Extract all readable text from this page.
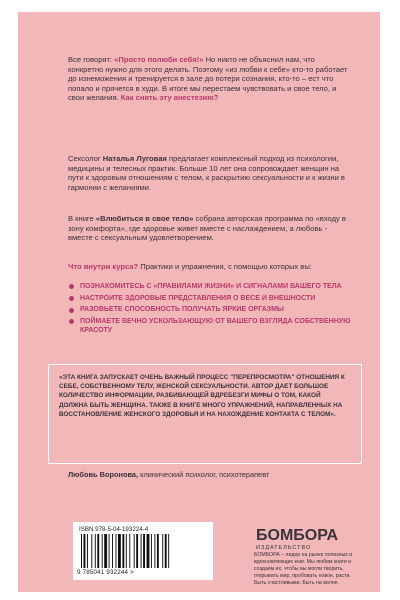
Все говорят: «Просто полюби себя!» Но никто не объяснил нам, что конкретно нужно для этого делать. Поэтому «из любви к себе» кто-то работает до изнеможения и тренируется в зале до потери сознания, кто-то – ест что попало и прячется в худи. В итоге мы перестаем чувствовать и свое тело, и свои желания. Как снять эту анестезию?
Сексолог Наталья Луговая предлагает комплексный подход из психологии, медицины и телесных практик. Больше 10 лет она сопровождает женщин на пути к здоровым отношениям с телом, к раскрытию сексуальности и к жизни в гармонии с желаниями.
В книге «Влюбиться в свое тело» собрана авторская программа по «входу в зону комфорта», где здоровье живет вместе с наслаждением, а любовь - вместе с сексуальным удовлетворением.
Что внутри курса? Практики и упражнения, с помощью которых вы:
ПОЗНАКОМИТЕСЬ С «ПРАВИЛАМИ ЖИЗНИ» И СИГНАЛАМИ ВАШЕГО ТЕЛА
НАСТРОИТЕ ЗДОРОВЫЕ ПРЕДСТАВЛЕНИЯ О ВЕСЕ И ВНЕШНОСТИ
РАЗОВЬЕТЕ СПОСОБНОСТЬ ПОЛУЧАТЬ ЯРКИЕ ОРГАЗМЫ
ПОЙМАЕТЕ ВЕЧНО УСКОЛЬЗАЮЩУЮ ОТ ВАШЕГО ВЗГЛЯДА СОБСТВЕННУЮ КРАСОТУ
«ЭТА КНИГА ЗАПУСКАЕТ ОЧЕНЬ ВАЖНЫЙ ПРОЦЕСС "ПЕРЕПРОСМОТРА" ОТНОШЕНИЯ К СЕБЕ, СОБСТВЕННОМУ ТЕЛУ, ЖЕНСКОЙ СЕКСУАЛЬНОСТИ. АВТОР ДАЕТ БОЛЬШОЕ КОЛИЧЕСТВО ИНФОРМАЦИИ, РАЗБИВАЮЩЕЙ ВДРЕБЕЗГИ МИФЫ О ТОМ, КАКОЙ ДОЛЖНА БЫТЬ ЖЕНЩИНА. ТАКЖЕ В КНИГЕ МНОГО УПРАЖНЕНИЙ, НАПРАВЛЕННЫХ НА ВОССТАНОВЛЕНИЕ ЖЕНСКОГО ЗДОРОВЬЯ И НА НАХОЖДЕНИЕ КОНТАКТА С ТЕЛОМ».
Любовь Воронова, клинический психолог, психотерапевт
ISBN 978-5-04-193224-4
9 785041 932244 >
БОМБОРА
ИЗДАТЕЛЬСТВО
БОМБОРА – лидер на рынке полезных и вдохновляющих книг. Мы любим книги и создаем их, чтобы вы могли творить, открывать мир, пробовать новое, расти. Быть счастливыми. Быть на волне.
